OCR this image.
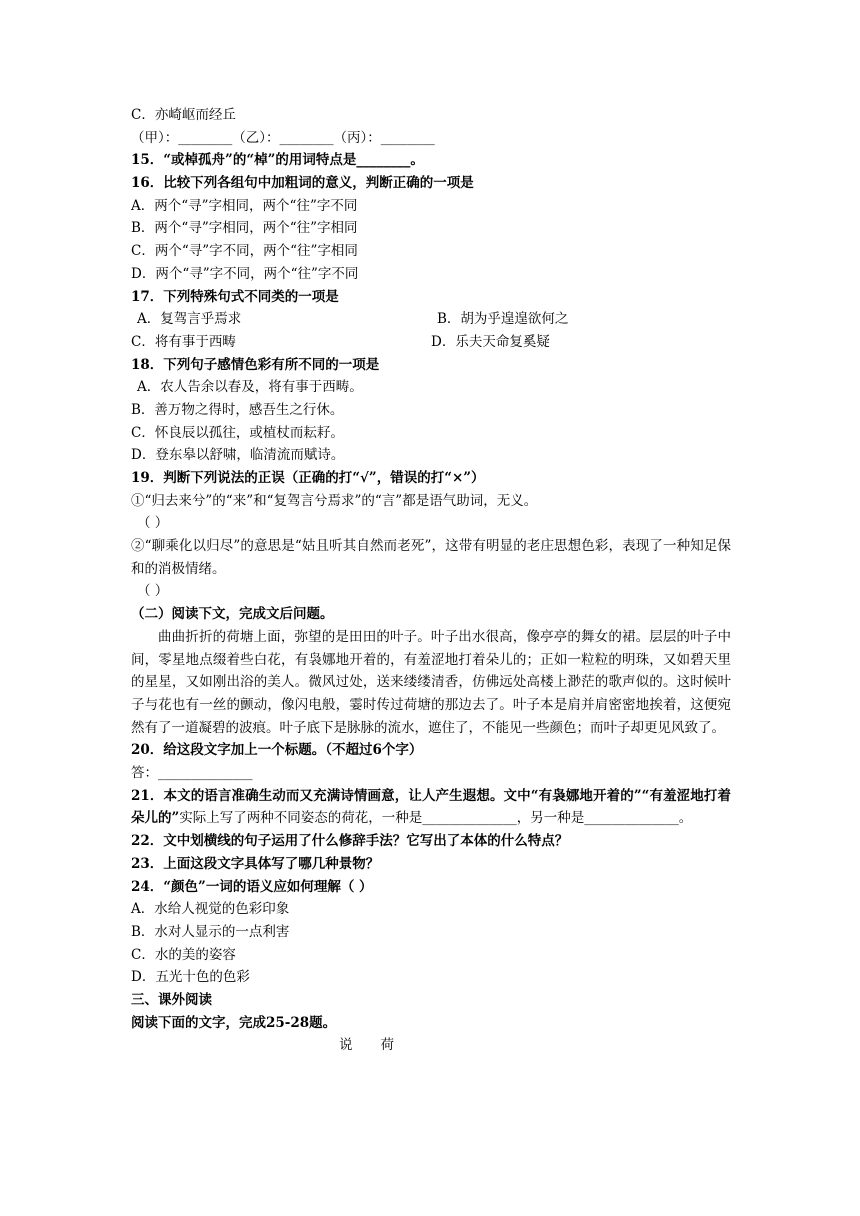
C．亦崎岖而经丘
（甲）：________（乙）：________（丙）：________
15．“或棹孤舟”的“棹”的用词特点是________。
16．比较下列各组句中加粗词的意义，判断正确的一项是
A．两个“寻”字相同，两个“往”字不同
B．两个“寻”字相同，两个“往”字相同
C．两个“寻”字不同，两个“往”字相同
D．两个“寻”字不同，两个“往”字不同
17．下列特殊句式不同类的一项是
A．复驾言乎焉求	B．胡为乎遑遑欲何之
C．将有事于西畴	D．乐夫天命复奚疑
18．下列句子感情色彩有所不同的一项是
A．农人告余以春及，将有事于西畴。
B．善万物之得时，感吾生之行休。
C．怀良辰以孤往，或植杖而耘耔。
D．登东皋以舒啸，临清流而赋诗。
19．判断下列说法的正误（正确的打“√”，错误的打“×”）
①“归去来兮”的“来”和“复驾言兮焉求”的“言”都是语气助词，无义。
（ ）
②“聊乘化以归尽”的意思是“姑且听其自然而老死”，这带有明显的老庄思想色彩，表现了一种知足保和的消极情绪。
（ ）
（二）阅读下文，完成文后问题。
曲曲折折的荷塘上面，弥望的是田田的叶子。叶子出水很高，像亭亭的舞女的裙。层层的叶子中间，零星地点缀着些白花，有袅娜地开着的，有羞涩地打着朵儿的；正如一粒粒的明珠，又如碧天里的星星，又如刚出浴的美人。微风过处，送来缕缕清香，仿佛远处高楼上渺茫的歌声似的。这时候叶子与花也有一丝的颤动，像闪电般，霎时传过荷塘的那边去了。叶子本是肩并肩密密地挨着，这便宛然有了一道凝碧的波痕。叶子底下是脉脉的流水，遮住了，不能见一些颜色；而叶子却更见风致了。
20．给这段文字加上一个标题。（不超过6个字）
答：______________
21．本文的语言准确生动而又充满诗情画意，让人产生遐想。文中“有袅娜地开着的”“有羞涩地打着朵儿的”实际上写了两种不同姿态的荷花，一种是______________，另一种是______________。
22．文中划横线的句子运用了什么修辞手法？它写出了本体的什么特点？
23．上面这段文字具体写了哪几种景物？
24．“颜色”一词的语义应如何理解（ ）
A．水给人视觉的色彩印象
B．水对人显示的一点利害
C．水的美的姿容
D．五光十色的色彩
三、课外阅读
阅读下面的文字，完成25-28题。
说 荷
